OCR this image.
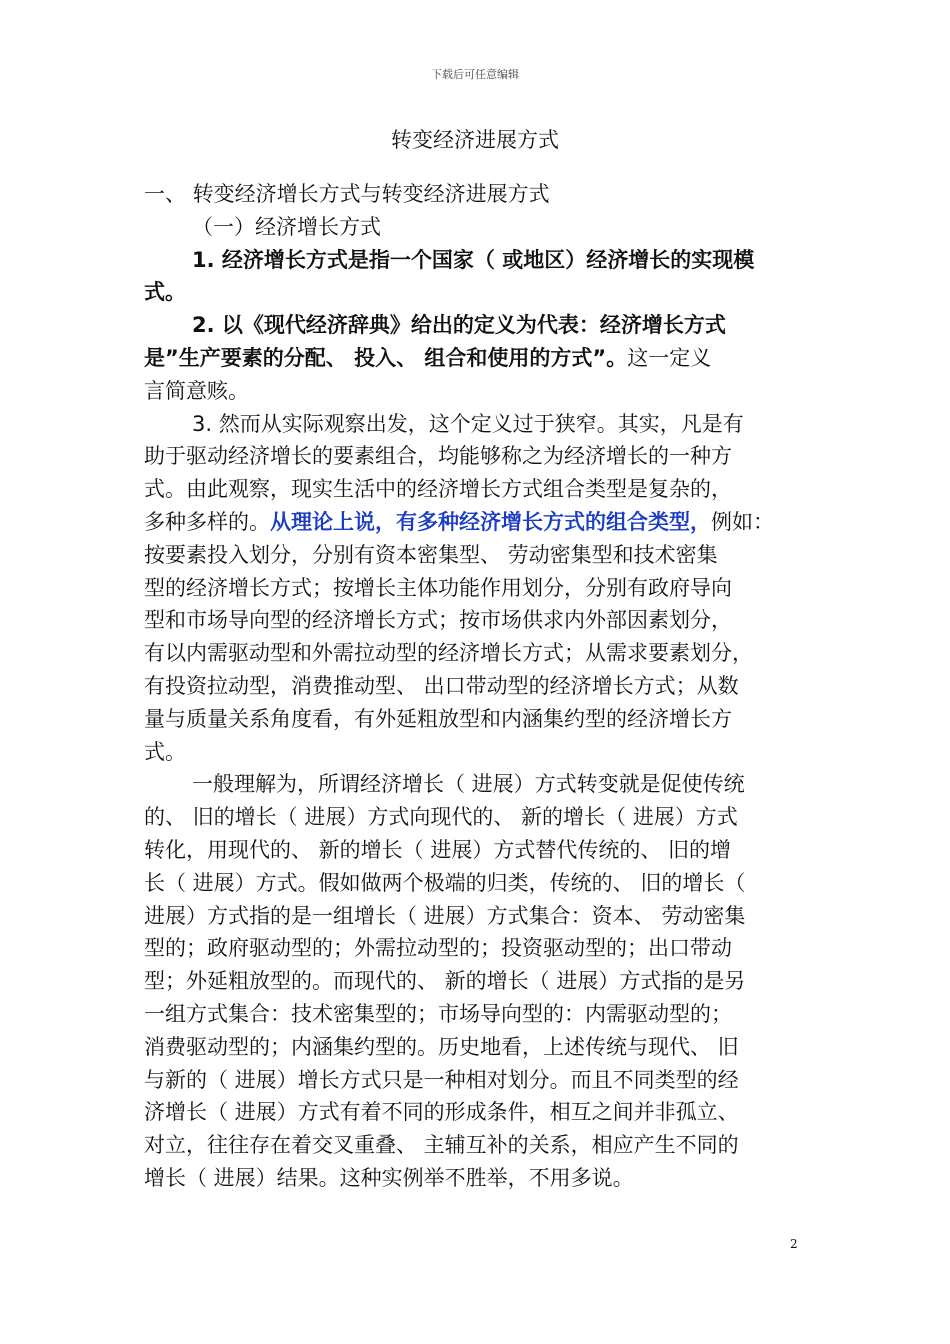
下载后可任意编辑
转变经济进展方式
一、 转变经济增长方式与转变经济进展方式
（一）经济增长方式
1. 经济增长方式是指一个国家（ 或地区）经济增长的实现模
式。
2. 以《现代经济辞典》给出的定义为代表：经济增长方式
是”生产要素的分配、 投入、 组合和使用的方式”。这一定义
言简意赅。
3. 然而从实际观察出发，这个定义过于狭窄。其实，凡是有
助于驱动经济增长的要素组合，均能够称之为经济增长的一种方
式。由此观察，现实生活中的经济增长方式组合类型是复杂的，
多种多样的。从理论上说，有多种经济增长方式的组合类型，例如：
按要素投入划分，分别有资本密集型、 劳动密集型和技术密集
型的经济增长方式；按增长主体功能作用划分，分别有政府导向
型和市场导向型的经济增长方式；按市场供求内外部因素划分，
有以内需驱动型和外需拉动型的经济增长方式；从需求要素划分，
有投资拉动型，消费推动型、 出口带动型的经济增长方式；从数
量与质量关系角度看，有外延粗放型和内涵集约型的经济增长方
式。
一般理解为，所谓经济增长（ 进展）方式转变就是促使传统
的、 旧的增长（ 进展）方式向现代的、 新的增长（ 进展）方式
转化，用现代的、 新的增长（ 进展）方式替代传统的、 旧的增
长（ 进展）方式。假如做两个极端的归类，传统的、 旧的增长（
进展）方式指的是一组增长（ 进展）方式集合：资本、 劳动密集
型的；政府驱动型的；外需拉动型的；投资驱动型的；出口带动
型；外延粗放型的。而现代的、 新的增长（ 进展）方式指的是另
一组方式集合：技术密集型的；市场导向型的：内需驱动型的；
消费驱动型的；内涵集约型的。历史地看，上述传统与现代、 旧
与新的（ 进展）增长方式只是一种相对划分。而且不同类型的经
济增长（ 进展）方式有着不同的形成条件，相互之间并非孤立、
对立，往往存在着交叉重叠、 主辅互补的关系，相应产生不同的
增长（ 进展）结果。这种实例举不胜举，不用多说。
2
